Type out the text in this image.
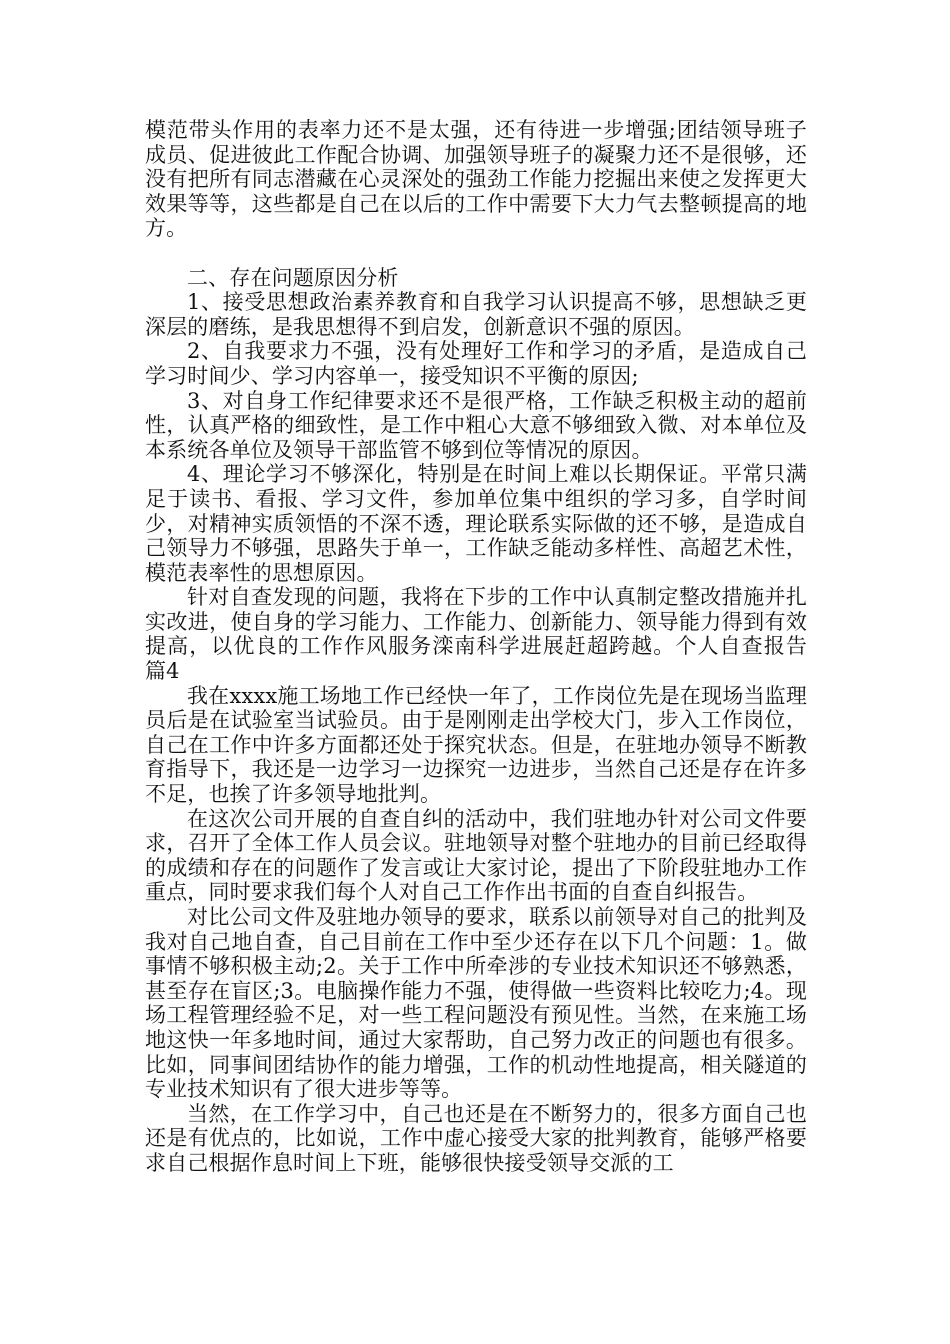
模范带头作用的表率力还不是太强，还有待进一步增强;团结领导班子成员、促进彼此工作配合协调、加强领导班子的凝聚力还不是很够，还没有把所有同志潜藏在心灵深处的强劲工作能力挖掘出来使之发挥更大效果等等，这些都是自己在以后的工作中需要下大力气去整顿提高的地方。

二、存在问题原因分析

1、接受思想政治素养教育和自我学习认识提高不够，思想缺乏更深层的磨练，是我思想得不到启发，创新意识不强的原因。

2、自我要求力不强，没有处理好工作和学习的矛盾，是造成自己学习时间少、学习内容单一，接受知识不平衡的原因;

3、对自身工作纪律要求还不是很严格，工作缺乏积极主动的超前性，认真严格的细致性，是工作中粗心大意不够细致入微、对本单位及本系统各单位及领导干部监管不够到位等情况的原因。

4、理论学习不够深化，特别是在时间上难以长期保证。平常只满足于读书、看报、学习文件，参加单位集中组织的学习多，自学时间少，对精神实质领悟的不深不透，理论联系实际做的还不够，是造成自己领导力不够强，思路失于单一，工作缺乏能动多样性、高超艺术性，模范表率性的思想原因。

针对自查发现的问题，我将在下步的工作中认真制定整改措施并扎实改进，使自身的学习能力、工作能力、创新能力、领导能力得到有效提高，以优良的工作作风服务滦南科学进展赶超跨越。个人自查报告 篇4

我在xxxx施工场地工作已经快一年了，工作岗位先是在现场当监理员后是在试验室当试验员。由于是刚刚走出学校大门，步入工作岗位，自己在工作中许多方面都还处于探究状态。但是，在驻地办领导不断教育指导下，我还是一边学习一边探究一边进步，当然自己还是存在许多不足，也挨了许多领导地批判。

在这次公司开展的自查自纠的活动中，我们驻地办针对公司文件要求，召开了全体工作人员会议。驻地领导对整个驻地办的目前已经取得的成绩和存在的问题作了发言或让大家讨论，提出了下阶段驻地办工作重点，同时要求我们每个人对自己工作作出书面的自查自纠报告。

对比公司文件及驻地办领导的要求，联系以前领导对自己的批判及我对自己地自查，自己目前在工作中至少还存在以下几个问题：1。做事情不够积极主动;2。关于工作中所牵涉的专业技术知识还不够熟悉，甚至存在盲区;3。电脑操作能力不强，使得做一些资料比较吃力;4。现场工程管理经验不足，对一些工程问题没有预见性。当然，在来施工场地这快一年多地时间，通过大家帮助，自己努力改正的问题也有很多。比如，同事间团结协作的能力增强，工作的机动性地提高，相关隧道的专业技术知识有了很大进步等等。

当然，在工作学习中，自己也还是在不断努力的，很多方面自己也还是有优点的，比如说，工作中虚心接受大家的批判教育，能够严格要求自己根据作息时间上下班，能够很快接受领导交派的工
